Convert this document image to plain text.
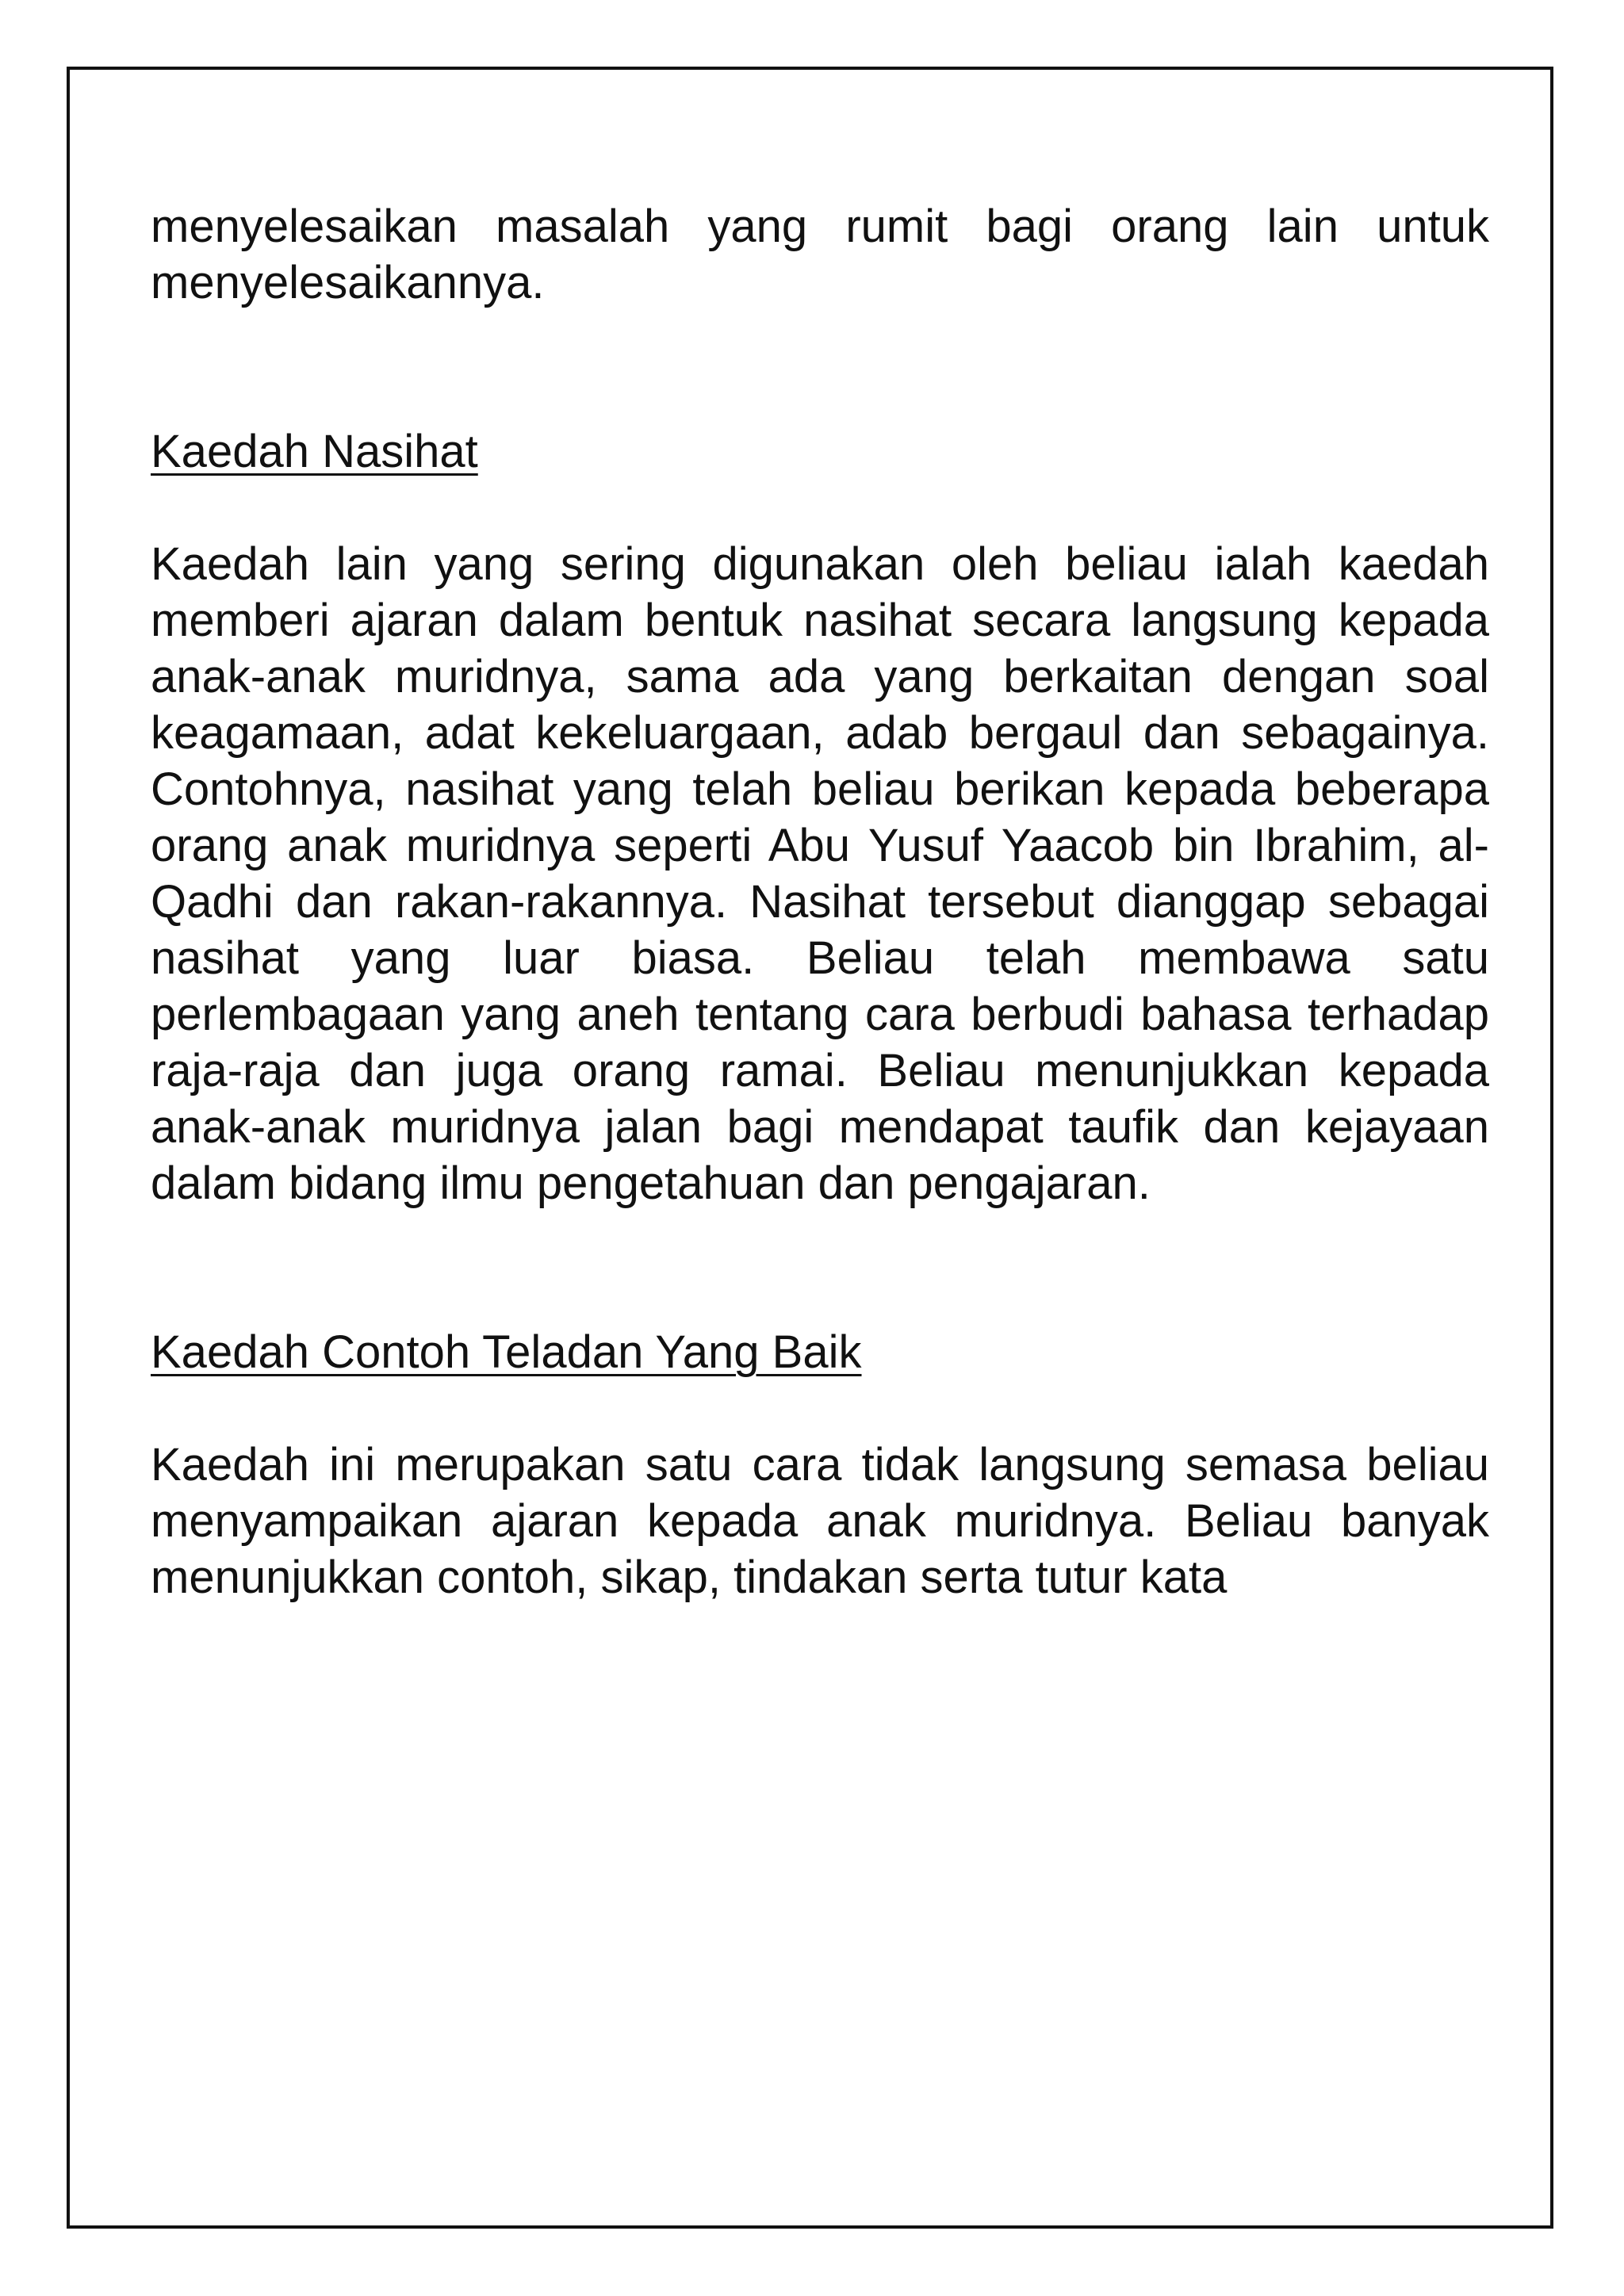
menyelesaikan masalah yang rumit bagi orang lain untuk menyelesaikannya.

Kaedah Nasihat

Kaedah lain yang sering digunakan oleh beliau ialah kaedah memberi ajaran dalam bentuk nasihat secara langsung kepada anak-anak muridnya, sama ada yang berkaitan dengan soal keagamaan, adat kekeluargaan, adab bergaul dan sebagainya. Contohnya, nasihat yang telah beliau berikan kepada beberapa orang anak muridnya seperti Abu Yusuf Yaacob bin Ibrahim, al-Qadhi dan rakan-rakannya. Nasihat tersebut dianggap sebagai nasihat yang luar biasa. Beliau telah membawa satu perlembagaan yang aneh tentang cara berbudi bahasa terhadap raja-raja dan juga orang ramai. Beliau menunjukkan kepada anak-anak muridnya jalan bagi mendapat taufik dan kejayaan dalam bidang ilmu pengetahuan dan pengajaran.

Kaedah Contoh Teladan Yang Baik

Kaedah ini merupakan satu cara tidak langsung semasa beliau menyampaikan ajaran kepada anak muridnya. Beliau banyak menunjukkan contoh, sikap, tindakan serta tutur kata
